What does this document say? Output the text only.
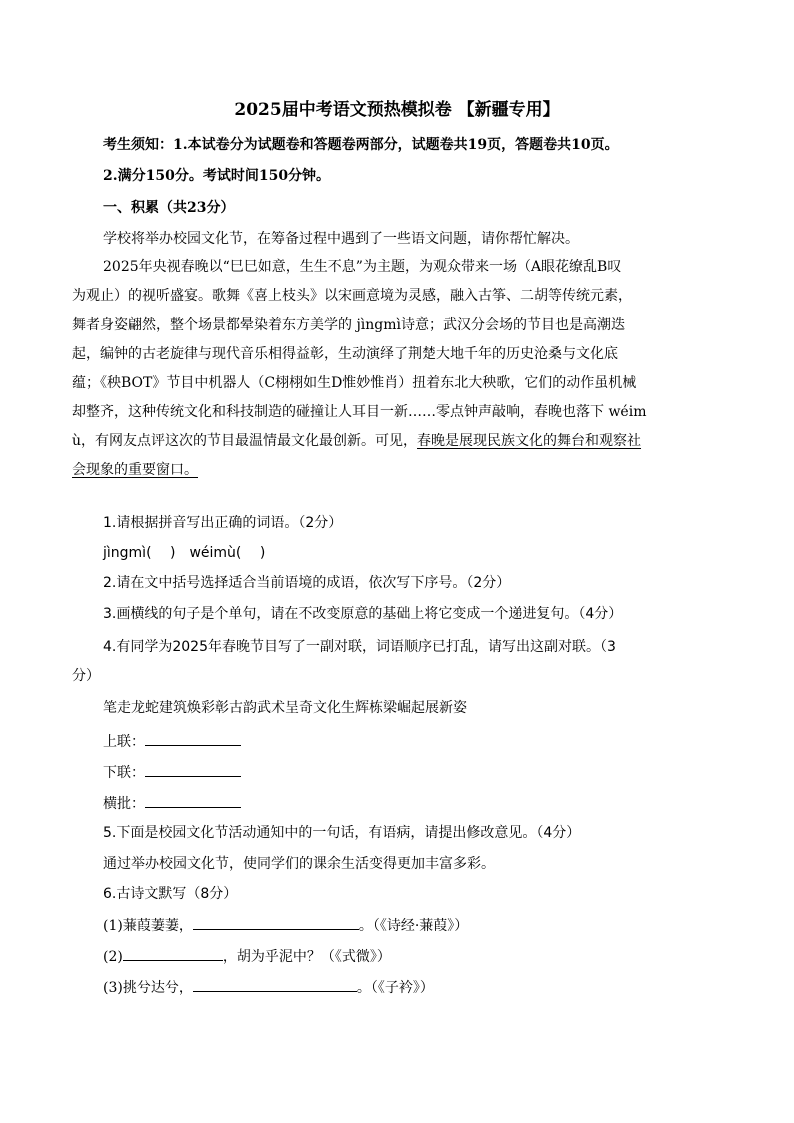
2025届中考语文预热模拟卷 【新疆专用】
考生须知：1.本试卷分为试题卷和答题卷两部分，试题卷共19页，答题卷共10页。
2.满分150分。考试时间150分钟。
一、积累（共23分）
学校将举办校园文化节，在筹备过程中遇到了一些语文问题，请你帮忙解决。
2025年央视春晚以“巳巳如意，生生不息”为主题，为观众带来一场（A眼花缭乱B叹
为观止）的视听盛宴。歌舞《喜上枝头》以宋画意境为灵感，融入古筝、二胡等传统元素，
舞者身姿翩然，整个场景都晕染着东方美学的 jìngmì诗意；武汉分会场的节目也是高潮迭
起，编钟的古老旋律与现代音乐相得益彰，生动演绎了荆楚大地千年的历史沧桑与文化底
蕴；《秧BOT》节目中机器人（C栩栩如生D惟妙惟肖）扭着东北大秧歌，它们的动作虽机械
却整齐，这种传统文化和科技制造的碰撞让人耳目一新……零点钟声敲响，春晚也落下 wéim
ù，有网友点评这次的节目最温情最文化最创新。可见，春晚是展现民族文化的舞台和观察社
会现象的重要窗口。
1.请根据拼音写出正确的词语。（2分）
jìngmì(　 )　wéimù(　 )
2.请在文中括号选择适合当前语境的成语，依次写下序号。（2分）
3.画横线的句子是个单句，请在不改变原意的基础上将它变成一个递进复句。（4分）
4.有同学为2025年春晚节目写了一副对联，词语顺序已打乱，请写出这副对联。（3
分）
笔走龙蛇建筑焕彩彰古韵武术呈奇文化生辉栋梁崛起展新姿
上联：
下联：
横批：
5.下面是校园文化节活动通知中的一句话，有语病，请提出修改意见。（4分）
通过举办校园文化节，使同学们的课余生活变得更加丰富多彩。
6.古诗文默写（8分）
(1)蒹葭萋萋，	。（《诗经·蒹葭》）
(2)	，胡为乎泥中？（《式微》）
(3)挑兮达兮，	。（《子衿》）
